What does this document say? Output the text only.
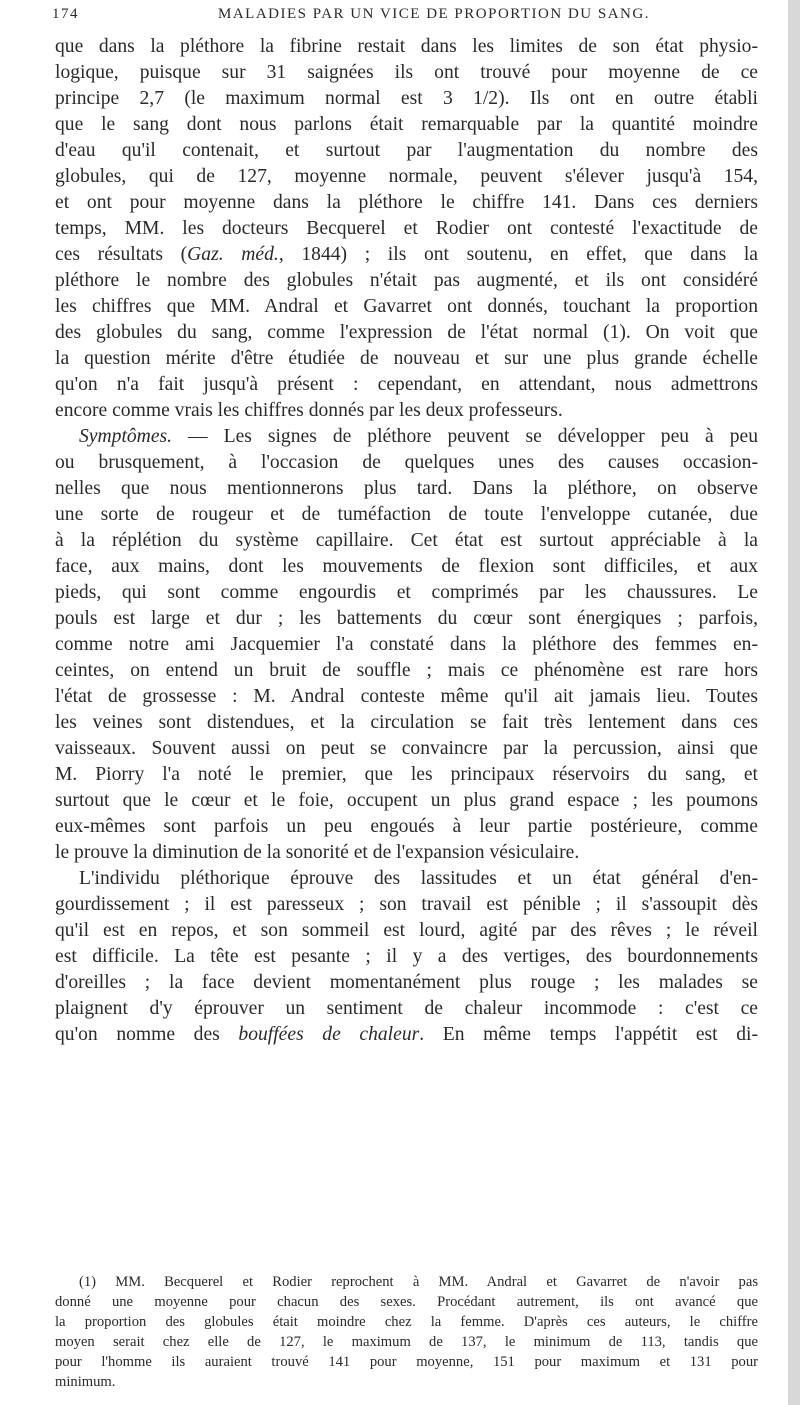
174	MALADIES PAR UN VICE DE PROPORTION DU SANG.
que dans la pléthore la fibrine restait dans les limites de son état physio-
logique, puisque sur 31 saignées ils ont trouvé pour moyenne de ce
principe 2,7 (le maximum normal est 3 1/2). Ils ont en outre établi
que le sang dont nous parlons était remarquable par la quantité moindre
d'eau qu'il contenait, et surtout par l'augmentation du nombre des
globules, qui de 127, moyenne normale, peuvent s'élever jusqu'à 154,
et ont pour moyenne dans la pléthore le chiffre 141. Dans ces derniers
temps, MM. les docteurs Becquerel et Rodier ont contesté l'exactitude de
ces résultats (Gaz. méd., 1844) ; ils ont soutenu, en effet, que dans la
pléthore le nombre des globules n'était pas augmenté, et ils ont considéré
les chiffres que MM. Andral et Gavarret ont donnés, touchant la proportion
des globules du sang, comme l'expression de l'état normal (1). On voit que
la question mérite d'être étudiée de nouveau et sur une plus grande échelle
qu'on n'a fait jusqu'à présent : cependant, en attendant, nous admettrons
encore comme vrais les chiffres donnés par les deux professeurs.
Symptômes. — Les signes de pléthore peuvent se développer peu à peu
ou brusquement, à l'occasion de quelques unes des causes occasion-
nelles que nous mentionnerons plus tard. Dans la pléthore, on observe
une sorte de rougeur et de tuméfaction de toute l'enveloppe cutanée, due
à la réplétion du système capillaire. Cet état est surtout appréciable à la
face, aux mains, dont les mouvements de flexion sont difficiles, et aux
pieds, qui sont comme engourdis et comprimés par les chaussures. Le
pouls est large et dur ; les battements du cœur sont énergiques ; parfois,
comme notre ami Jacquemier l'a constaté dans la pléthore des femmes en-
ceintes, on entend un bruit de souffle ; mais ce phénomène est rare hors
l'état de grossesse : M. Andral conteste même qu'il ait jamais lieu. Toutes
les veines sont distendues, et la circulation se fait très lentement dans ces
vaisseaux. Souvent aussi on peut se convaincre par la percussion, ainsi que
M. Piorry l'a noté le premier, que les principaux réservoirs du sang, et
surtout que le cœur et le foie, occupent un plus grand espace ; les poumons
eux-mêmes sont parfois un peu engoués à leur partie postérieure, comme
le prouve la diminution de la sonorité et de l'expansion vésiculaire.
L'individu pléthorique éprouve des lassitudes et un état général d'en-
gourdissement ; il est paresseux ; son travail est pénible ; il s'assoupit dès
qu'il est en repos, et son sommeil est lourd, agité par des rêves ; le réveil
est difficile. La tête est pesante ; il y a des vertiges, des bourdonnements
d'oreilles ; la face devient momentanément plus rouge ; les malades se
plaignent d'y éprouver un sentiment de chaleur incommode : c'est ce
qu'on nomme des bouffées de chaleur. En même temps l'appétit est di-
(1) MM. Becquerel et Rodier reprochent à MM. Andral et Gavarret de n'avoir pas
donné une moyenne pour chacun des sexes. Procédant autrement, ils ont avancé que
la proportion des globules était moindre chez la femme. D'après ces auteurs, le chiffre
moyen serait chez elle de 127, le maximum de 137, le minimum de 113, tandis que
pour l'homme ils auraient trouvé 141 pour moyenne, 151 pour maximum et 131 pour
minimum.
